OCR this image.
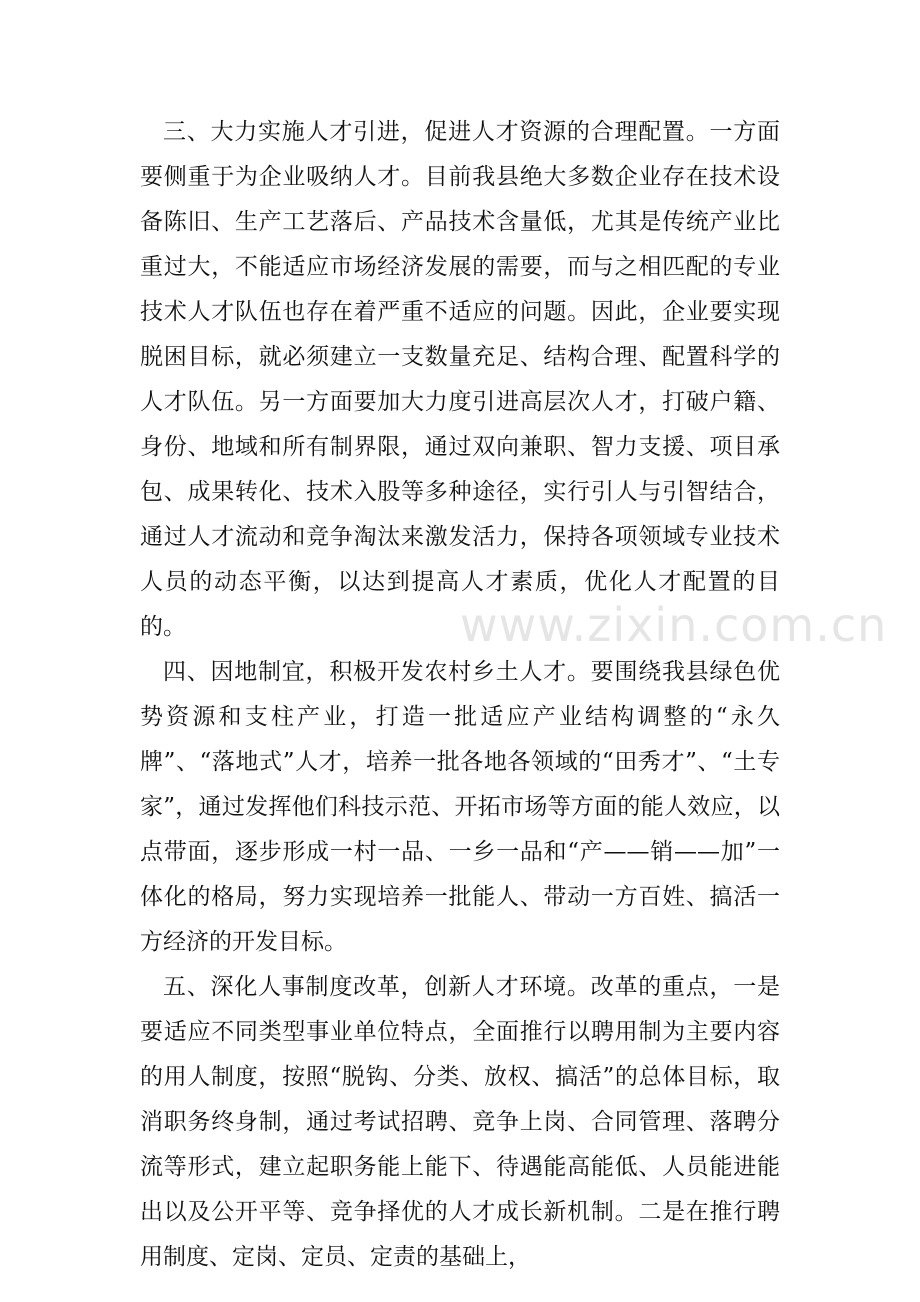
三、大力实施人才引进，促进人才资源的合理配置。一方面要侧重于为企业吸纳人才。目前我县绝大多数企业存在技术设备陈旧、生产工艺落后、产品技术含量低，尤其是传统产业比重过大，不能适应市场经济发展的需要，而与之相匹配的专业技术人才队伍也存在着严重不适应的问题。因此，企业要实现脱困目标，就必须建立一支数量充足、结构合理、配置科学的人才队伍。另一方面要加大力度引进高层次人才，打破户籍、身份、地域和所有制界限，通过双向兼职、智力支援、项目承包、成果转化、技术入股等多种途径，实行引人与引智结合，通过人才流动和竞争淘汰来激发活力，保持各项领域专业技术人员的动态平衡，以达到提高人才素质，优化人才配置的目的。

四、因地制宜，积极开发农村乡土人才。要围绕我县绿色优势资源和支柱产业，打造一批适应产业结构调整的“永久牌”、“落地式”人才，培养一批各地各领域的“田秀才”、“土专家”，通过发挥他们科技示范、开拓市场等方面的能人效应，以点带面，逐步形成一村一品、一乡一品和“产——销——加”一体化的格局，努力实现培养一批能人、带动一方百姓、搞活一方经济的开发目标。

五、深化人事制度改革，创新人才环境。改革的重点，一是要适应不同类型事业单位特点，全面推行以聘用制为主要内容的用人制度，按照“脱钩、分类、放权、搞活”的总体目标，取消职务终身制，通过考试招聘、竞争上岗、合同管理、落聘分流等形式，建立起职务能上能下、待遇能高能低、人员能进能出以及公开平等、竞争择优的人才成长新机制。二是在推行聘用制度、定岗、定员、定责的基础上，

www.zixin.com.cn
